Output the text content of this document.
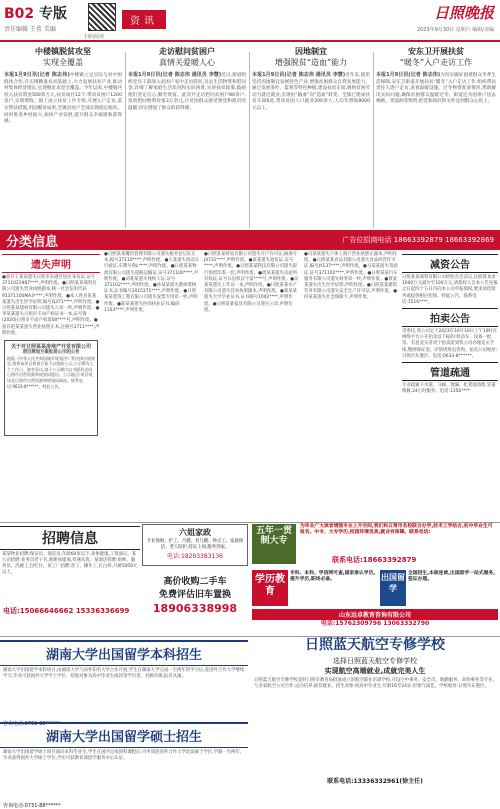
B02 专版
责任编辑 王菁 美编
扫码阅读
资讯	日照晚报
2023年9月30日 星期六 编辑/美编
中楼镇脱贫攻坚
实现全覆盖
本报1月9日讯(记者 陈志伟)中楼镇立足实际与贫中困群体合作,在实现精准扶贫基础上,大力发展扶贫产业,推动村集体经济增长,实现脱贫攻坚全覆盖。今年以来,中楼镇共投入扶贫资金500余万元,扶贫项目12个,带动贫困户1200余户,实现增收。镇上成立扶贫工作专班,开展入户走访,落实帮扶措施,巩固脱贫成果,全镇贫困户全部实现稳定脱贫。同时推进乡村振兴,加快产业发展,提升群众幸福感和获得感。
走访慰问贫困户
真情关爱暖人心
本报1月9日讯(记者 陈志伟 通讯员 李慧)近日,街道组织党员干部深入贫困户家中走访慰问,送去生活物资和慰问金,详细了解家庭生活状况和实际困难,宣讲扶贫政策,鼓励他们坚定信心,勤劳致富。此次共走访慰问贫困户80余户,发放慰问物资价值3万余元,让贫困群众感受到党和政府的温暖,切实增强了群众的获得感。
因地制宜
增强脱贫“造血”能力
本报1月9日讯(记者 陈志伟 通讯员 李慧)近年来,镇里坚持因地制宜发展特色产业,增强贫困群众自我发展能力。通过发展茶叶、蓝莓等特色种植,建设扶贫车间,吸纳贫困劳动力就近就业,实现由“输血”向“造血”转变。全镇已建成扶贫车间6处,带动贫困人口就业200余人,人均年增收8000元以上。
安东卫开展扶贫
“暖冬”入户走访工作
本报1月9日讯(记者 陈志伟)为切实做好困难群众冬季生活保障,安东卫街道开展扶贫“暖冬”入户走访工作,组织帮扶责任人逐户走访,查看取暖设施、过冬物资准备情况,帮助解决实际问题,确保贫困群众温暖过冬。街道还为困难户送去棉被、米面油等物资,把党和政府的关怀送到群众心坎上。
分类信息	广告位招商电话 18663392879 18663392869
遗失声明
●兹有王某某遗失日照市东港区居民身份证,证号3711021987****,声明作废。●日照某某商贸有限公司遗失营业执照副本,统一社会信用代码91371100MA3****,声明作废。●本人姓名张某某遗失出生医学证明,编号Q371****,声明作废。●日照某某建材有限公司遗失公章一枚,声明作废。●李某某遗失日照市不动产权证书一本,证号鲁(2020)日照市不动产权第00****号,声明作废。●兹有赵某某遗失营业执照正本,注册号3711****,声明作废。
关于对日照某某房地产开发有限公司
项目规划方案批前公示的公告
根据《中华人民共和国城乡规划法》等法律法规规定,现将该项目规划方案予以批前公示,公示期为七个工作日。如有异议,请于公示期内以书面形式向日照市自然资源和规划局提出。公示地点:项目现场及日照市自然资源和规划局网站。联系电话:0633-8******。特此公告。
●日照某某餐饮管理有限公司遗失税务登记证正本,税号37110****,声明作废。●王某遗失机动车行驶证,车牌号鲁L****,声明作废。●日照某某物流有限公司遗失道路运输证,证号371100****,声明作废。●刘某某遗失残疾人证,证号371102****,声明作废。●孙某某遗失教师资格证书,证书编号2015371****,声明作废。●日照某某装饰工程有限公司遗失发票专用章一枚,声明作废。●陈某某遗失医师执业证书,编码1103****,声明作废。
●日照某某贸易有限公司遗失开户许可证,核准号J4731****,声明作废。●某某遗失退伍证,证号****,声明作废。●日照某某科技有限公司遗失银行预留印鉴一套,声明作废。●周某某遗失房屋所有权证,证号日房权证字第****号,声明作废。●吴某某遗失工作证一本,声明作废。●日照某某水产有限公司遗失营业执照副本,声明作废。●郑某某遗失大学毕业证书,证书编号1042****,声明作废。●日照某某家具有限公司遗失公章,声明作废。
●冯某某遗失个体工商户营业执照正副本,声明作废。●日照某某食品有限公司遗失食品经营许可证,编号JY137****,声明作废。●马某某遗失驾驶证,证号371102****,声明作废。●日照某某汽车服务有限公司遗失财务章一枚,声明作废。●黄某某遗失出生医学证明,声明作废。●日照某某建筑劳务有限公司遗失安全生产许可证,声明作废。●何某某遗失社会保障卡,声明作废。
减资公告
日照某某商贸有限公司经股东会决议,注册资本由1000万元减少至100万元,请债权人自本公告见报之日起四十五日内向本公司申报债权,要求清偿债务或提供相应担保。特此公告。联系电话:1516****。
拍卖公告
受委托,我公司定于2023年10月10日上午10时在网络平台公开拍卖以下标的:机动车、设备一批等。有意竞买者请于拍卖前到我公司办理竞买手续,缴纳保证金。详情请致电咨询。拍卖公司地址:日照市东港区。电话:0633-8******。
管道疏通
专业疏通下水道、马桶、地漏、化粪池清理,管道维修,24小时服务。电话:1356****
招聘信息
某某物业招聘:保安员、保洁员,年龄60岁以下,身体健康,工资面议。某公司招聘:业务员若干名,底薪加提成,待遇从优。某酒店招聘:厨师、服务员、洗碗工,包吃住。某工厂招聘:普工、操作工,长白班,月薪5000元以上。
电话:15066646662 15336336699
六姐家政
专业保姆、护工、月嫂、育儿嫂、钟点工、家庭保洁、老人陪护,持证上岗,服务到家。
电话:18203383136
高价收购二手车
免费评估旧车置换
18906338998
五年一贯制大专
为毕业广大读者增强专业上升空间,我们和五常市名校联合办学,技术工学结合,初中毕业生可报名。中专、大专学历,校园环境优美,就业有保障。联系电话:
联系电话:18663392879
学历教育
专科、本科、学信网可查,国家承认学历,提升学历,职场必备。	出国留学
全国招生,本硕连读,出国留学一站式服务,签证办理。
山东远卓教育咨询有限公司
电话:15762309796 13063332790
湖南大学出国留学本科招生
湖南大学出国留学本科项目,由湖南大学与国外知名大学合作开展,学生在湖南大学完成一至两年的学习后,赴国外合作大学继续学习,毕业可获国外大学学士学位。招收对象为高中毕业生或同等学历者。名额有限,报名从速。
咨询电话:0731-88******
湖南大学出国留学硕士招生
湖南大学出国留学硕士项目面向本科毕业生,学生在国内完成预科课程后,可申请赴国外合作大学攻读硕士学位,学制一至两年,毕业获得国外大学硕士学位,学历可获教育部留学服务中心认证。
咨询电话:0731-88******
日照蓝天航空专修学校
选择日照蓝天航空专修学校
实现航空高端就业,成就完美人生
日照蓝天航空专修学校是经日照市教育局批准成立的航空职业培训学校,开设空中乘务、安全员、地勤服务、高铁乘务等专业,与多家航空公司合作,定向培养,推荐就业。招生对象:初高中毕业生,年龄16至24岁,形象气质佳。学校地址:日照市东港区。
联系电话:13336332961(徐主任)
